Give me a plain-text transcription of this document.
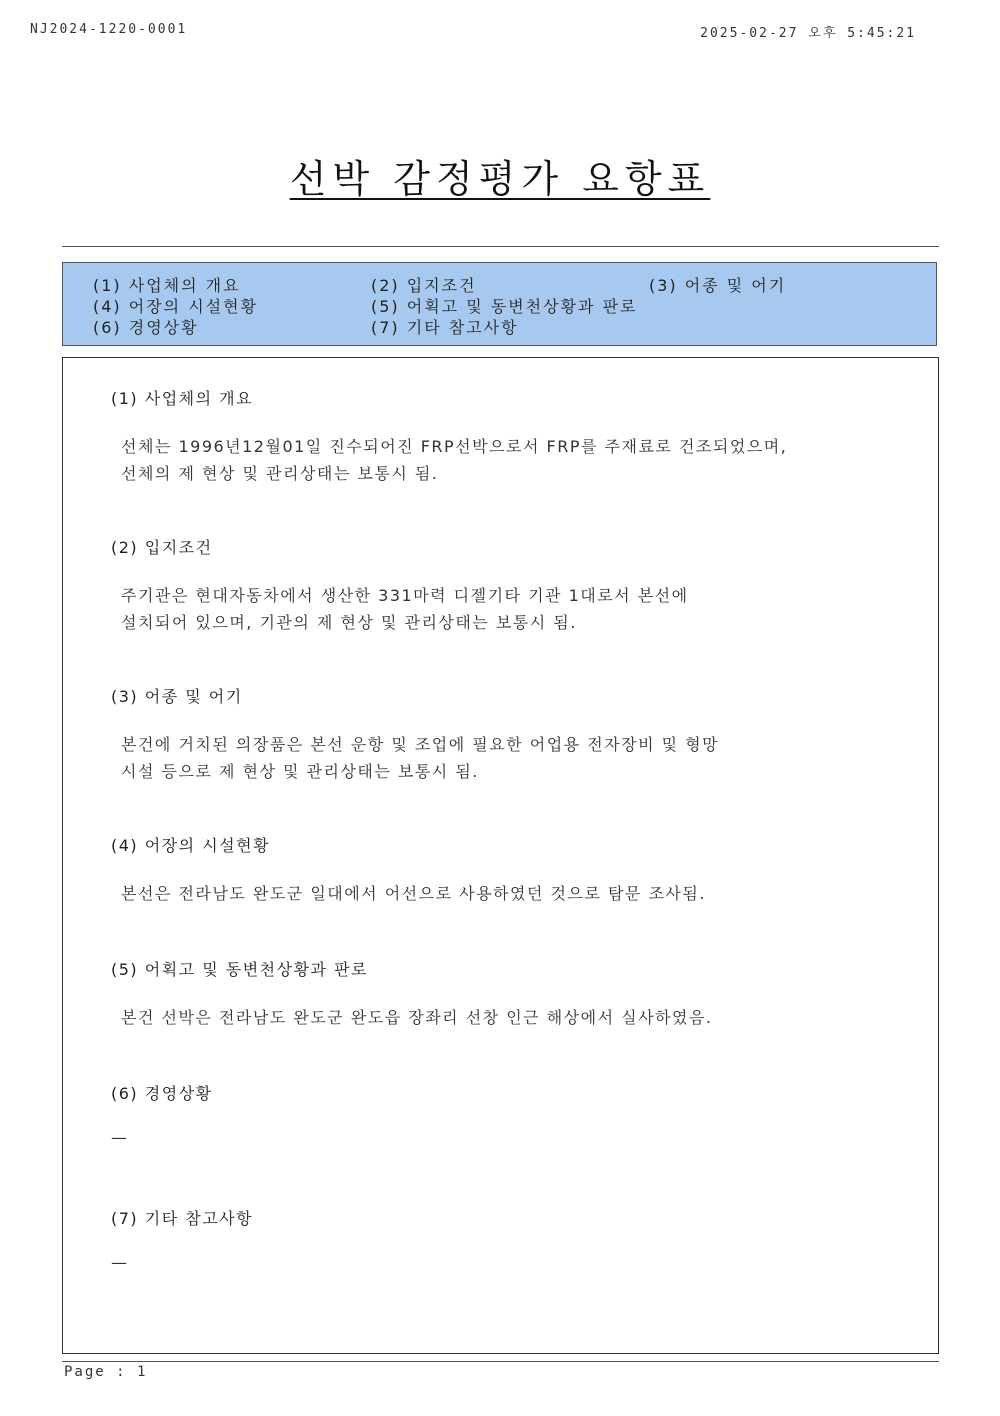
NJ2024-1220-0001	2025-02-27 오후 5:45:21
선박 감정평가 요항표
(1) 사업체의 개요	(2) 입지조건	(3) 어종 및 어기
(4) 어장의 시설현황	(5) 어획고 및 동변천상황과 판로
(6) 경영상황	(7) 기타 참고사항
(1) 사업체의 개요
선체는 1996년12월01일 진수되어진 FRP선박으로서 FRP를 주재료로 건조되었으며,
선체의 제 현상 및 관리상태는 보통시 됨.
(2) 입지조건
주기관은 현대자동차에서 생산한 331마력 디젤기타 기관 1대로서 본선에
설치되어 있으며, 기관의 제 현상 및 관리상태는 보통시 됨.
(3) 어종 및 어기
본건에 거치된 의장품은 본선 운항 및 조업에 필요한 어업용 전자장비 및 형망
시설 등으로 제 현상 및 관리상태는 보통시 됨.
(4) 어장의 시설현황
본선은 전라남도 완도군 일대에서 어선으로 사용하였던 것으로 탐문 조사됨.
(5) 어획고 및 동변천상황과 판로
본건 선박은 전라남도 완도군 완도읍 장좌리 선창 인근 해상에서 실사하였음.
(6) 경영상황
—
(7) 기타 참고사항
—
Page : 1
